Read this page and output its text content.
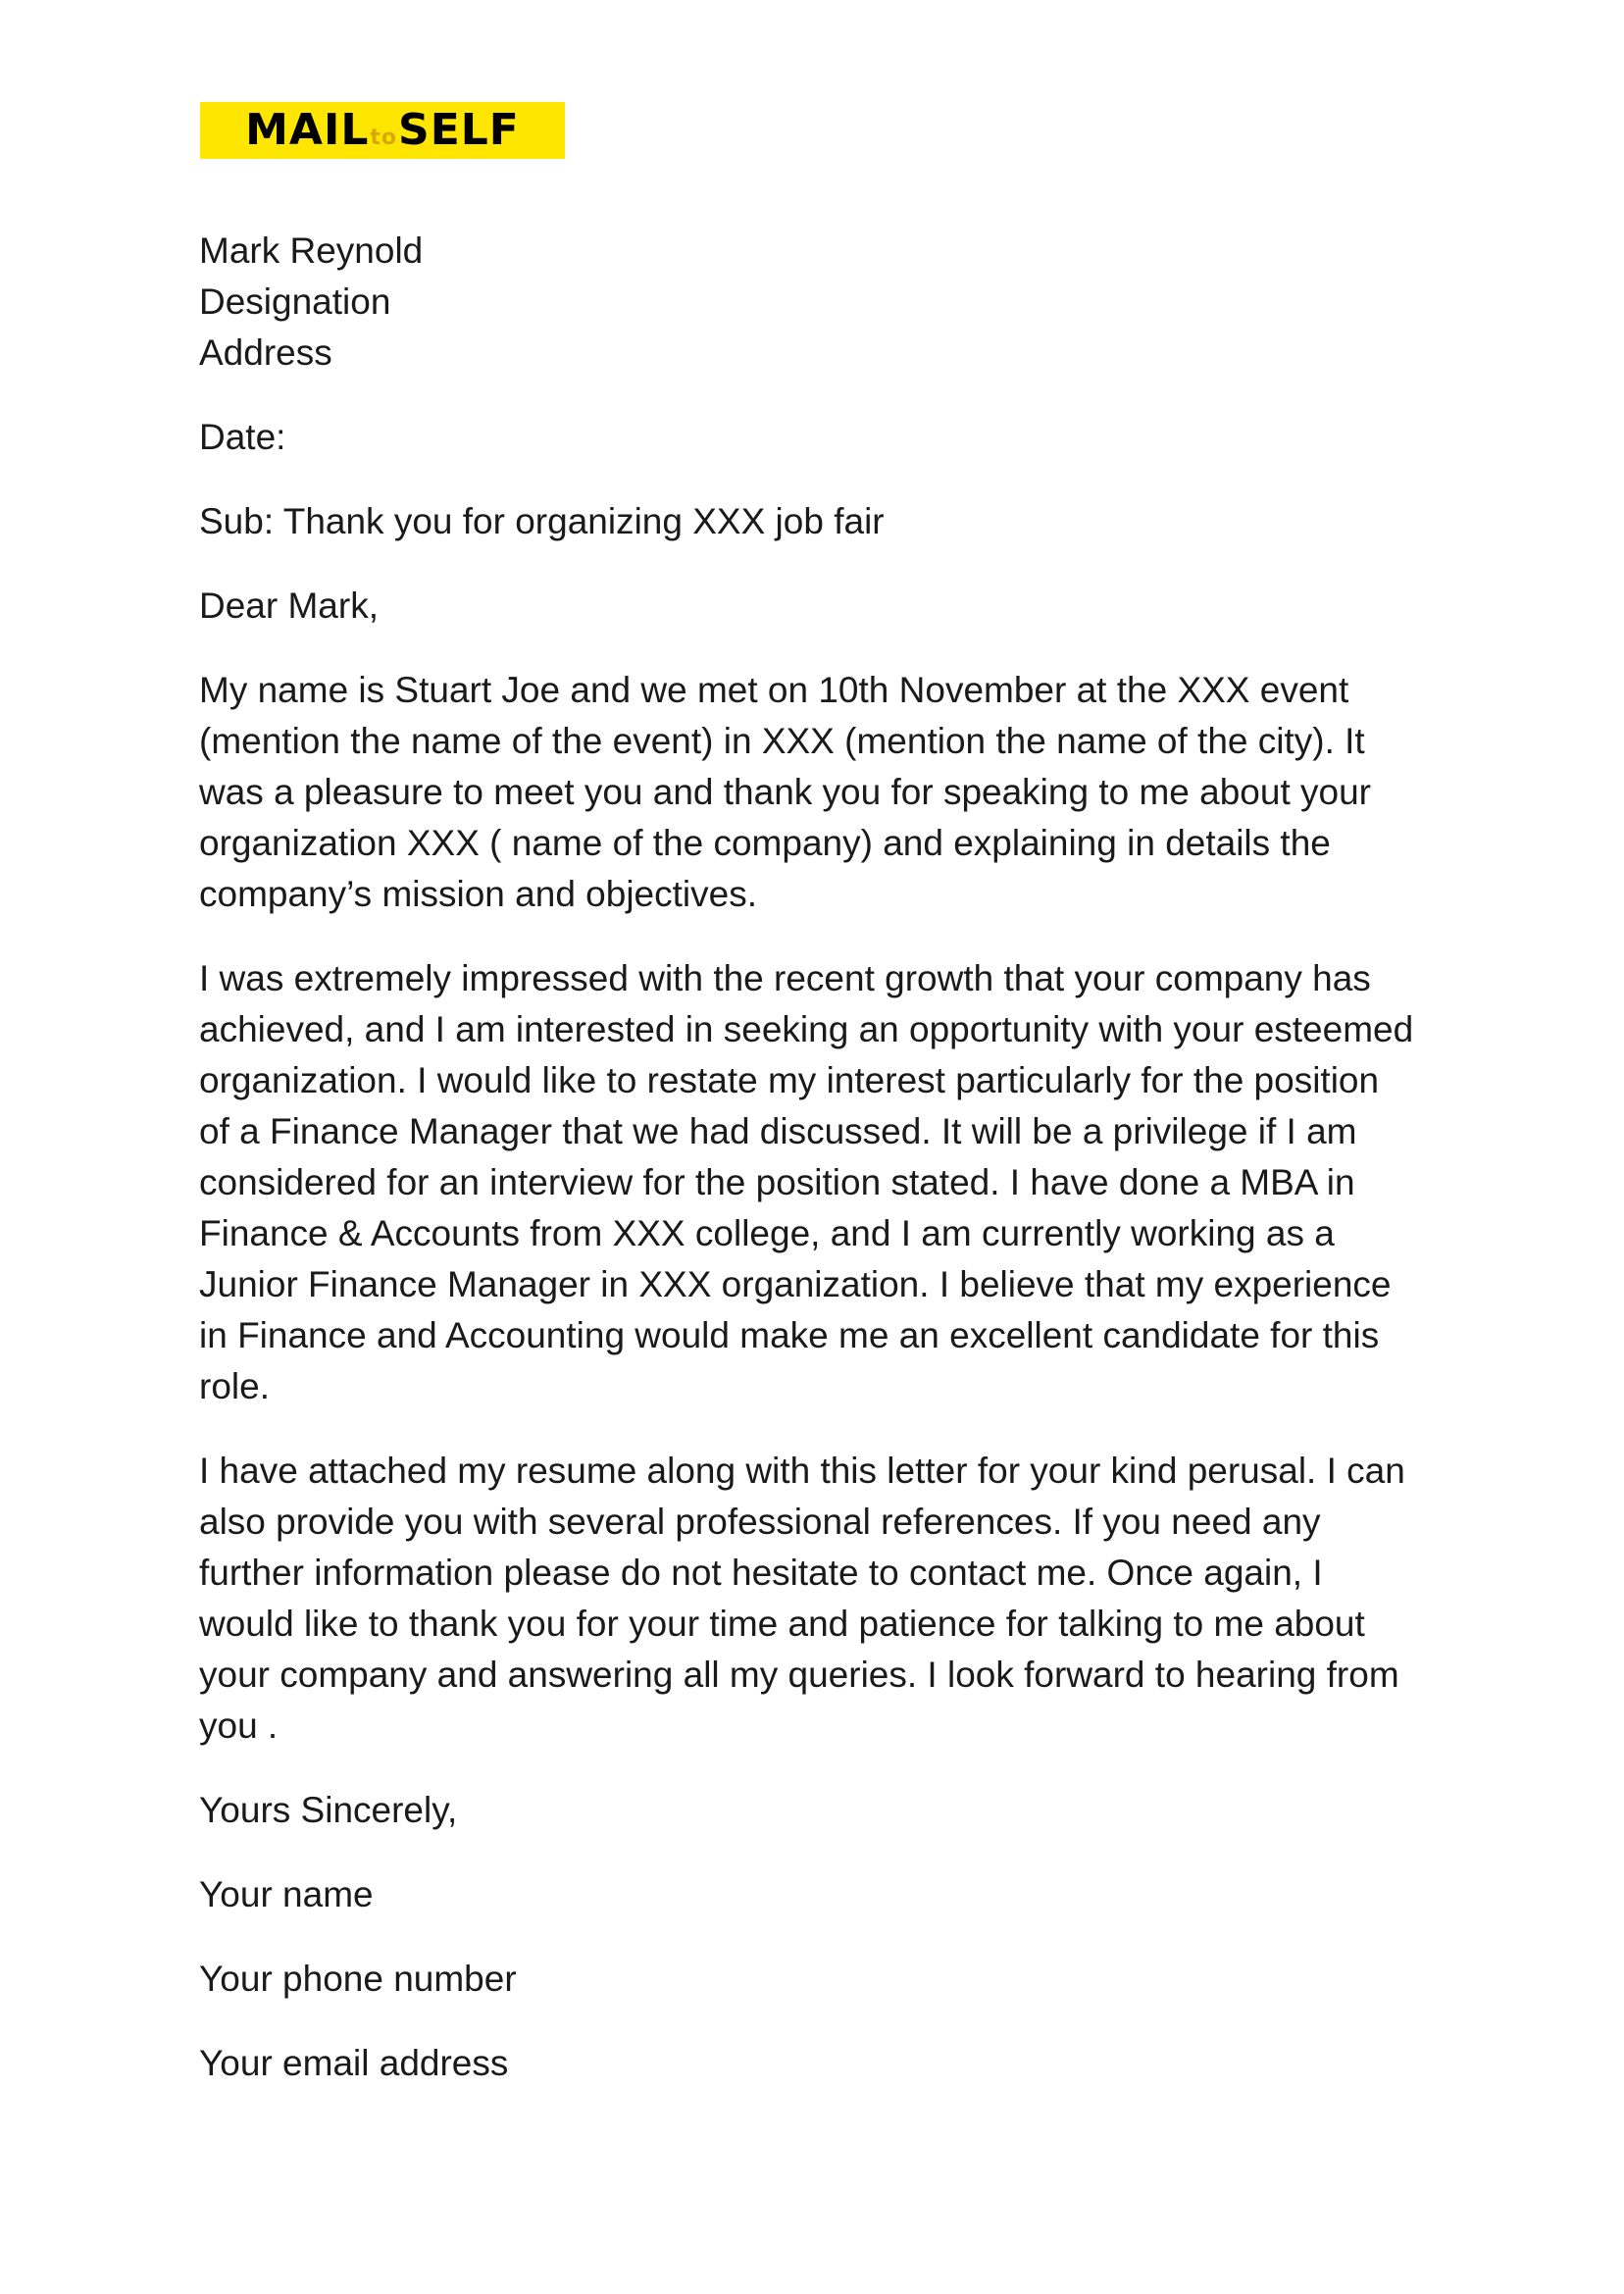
MAILtoSELF

Mark Reynold
Designation
Address

Date:

Sub: Thank you for organizing XXX job fair

Dear Mark,

My name is Stuart Joe and we met on 10th November at the XXX event
(mention the name of the event) in XXX (mention the name of the city). It
was a pleasure to meet you and thank you for speaking to me about your
organization XXX ( name of the company) and explaining in details the
company’s mission and objectives.

I was extremely impressed with the recent growth that your company has
achieved, and I am interested in seeking an opportunity with your esteemed
organization. I would like to restate my interest particularly for the position
of a Finance Manager that we had discussed. It will be a privilege if I am
considered for an interview for the position stated. I have done a MBA in
Finance & Accounts from XXX college, and I am currently working as a
Junior Finance Manager in XXX organization. I believe that my experience
in Finance and Accounting would make me an excellent candidate for this
role.

I have attached my resume along with this letter for your kind perusal. I can
also provide you with several professional references. If you need any
further information please do not hesitate to contact me. Once again, I
would like to thank you for your time and patience for talking to me about
your company and answering all my queries. I look forward to hearing from
you .

Yours Sincerely,

Your name

Your phone number

Your email address
